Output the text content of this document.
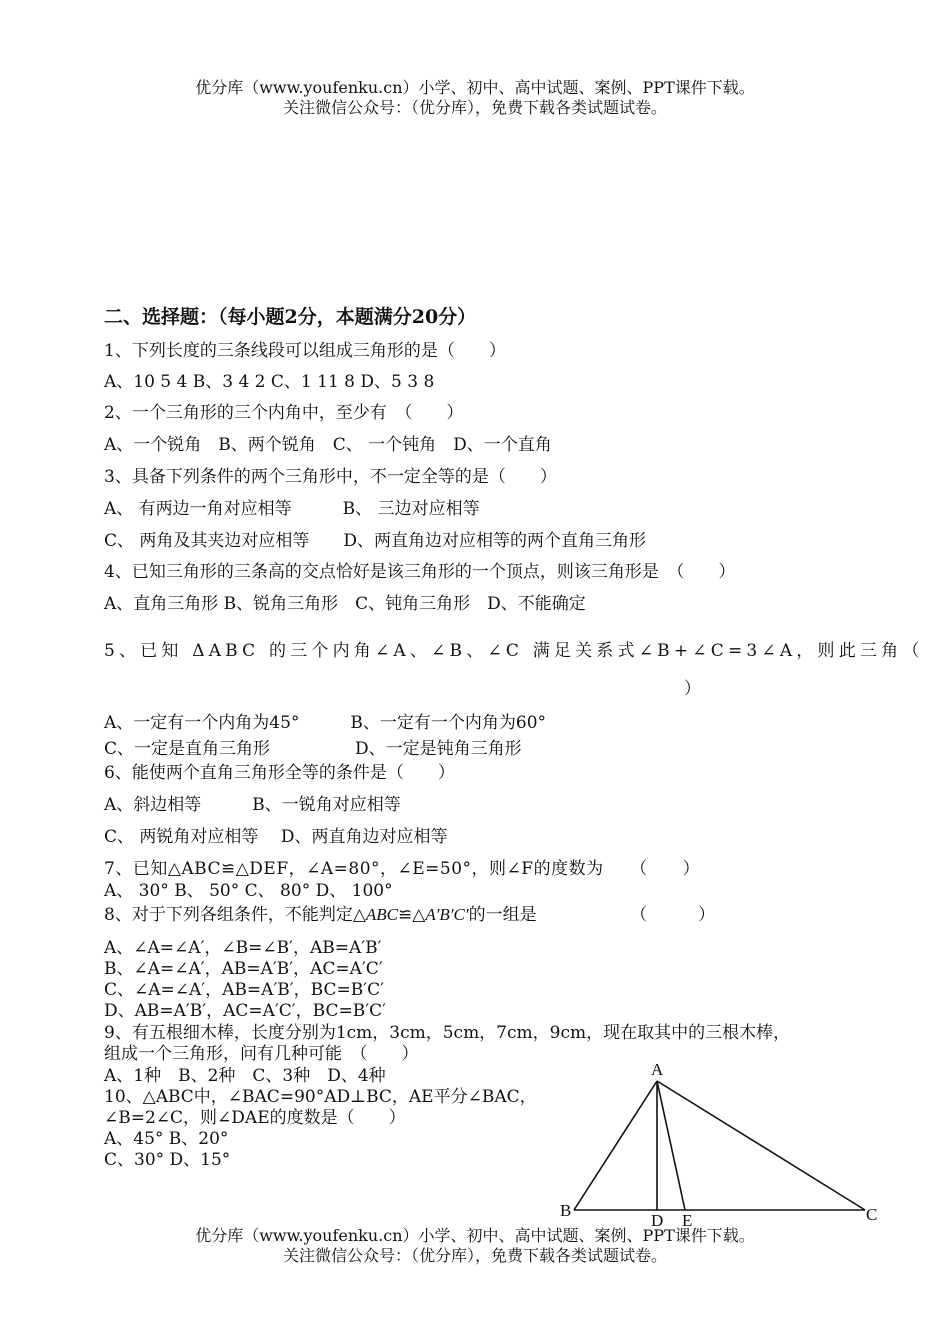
优分库（www.youfenku.cn）小学、初中、高中试题、案例、PPT课件下载。
关注微信公众号：（优分库），免费下载各类试题试卷。
二、选择题：（每小题2分，本题满分20分）
1、下列长度的三条线段可以组成三角形的是（　　）
A、10 5 4 B、3 4 2 C、1 11 8 D、5 3 8
2、一个三角形的三个内角中，至少有　（　　）
A、一个锐角　B、两个锐角　C、 一个钝角　D、一个直角
3、具备下列条件的两个三角形中，不一定全等的是（　　）
A、 有两边一角对应相等　　　B、 三边对应相等
C、 两角及其夹边对应相等　　D、两直角边对应相等的两个直角三角形
4、已知三角形的三条高的交点恰好是该三角形的一个顶点，则该三角形是　（　　）
A、直角三角形 B、锐角三角形　C、钝角三角形　D、不能确定
5、已知 ΔABC 的三个内角∠A、∠B、∠C 满足关系式∠B+∠C=3∠A，则此三角（
）
A、一定有一个内角为45°　　　B、一定有一个内角为60°
C、一定是直角三角形　　　　　D、一定是钝角三角形
6、能使两个直角三角形全等的条件是（　　）
A、斜边相等　　　B、一锐角对应相等
C、 两锐角对应相等　 D、两直角边对应相等
7、已知△ABC≌△DEF，∠A=80°，∠E=50°，则∠F的度数为　　（　　）
A、 30° B、 50° C、 80° D、 100°
8、对于下列各组条件，不能判定△ABC≌△A′B′C′的一组是　　　　　　（　　　）
A、∠A=∠A′，∠B=∠B′，AB=A′B′
B、∠A=∠A′，AB=A′B′，AC=A′C′
C、∠A=∠A′，AB=A′B′，BC=B′C′
D、AB=A′B′，AC=A′C′，BC=B′C′
9、有五根细木棒，长度分别为1cm，3cm，5cm，7cm，9cm，现在取其中的三根木棒，
组成一个三角形，问有几种可能　（　　）
A、1种　B、2种　C、3种　D、4种
10、△ABC中，∠BAC=90°AD⊥BC，AE平分∠BAC，
∠B=2∠C，则∠DAE的度数是（　　）
A、45° B、20°
C、30° D、15°
A
B	C
D E
优分库（www.youfenku.cn）小学、初中、高中试题、案例、PPT课件下载。
关注微信公众号：（优分库），免费下载各类试题试卷。
